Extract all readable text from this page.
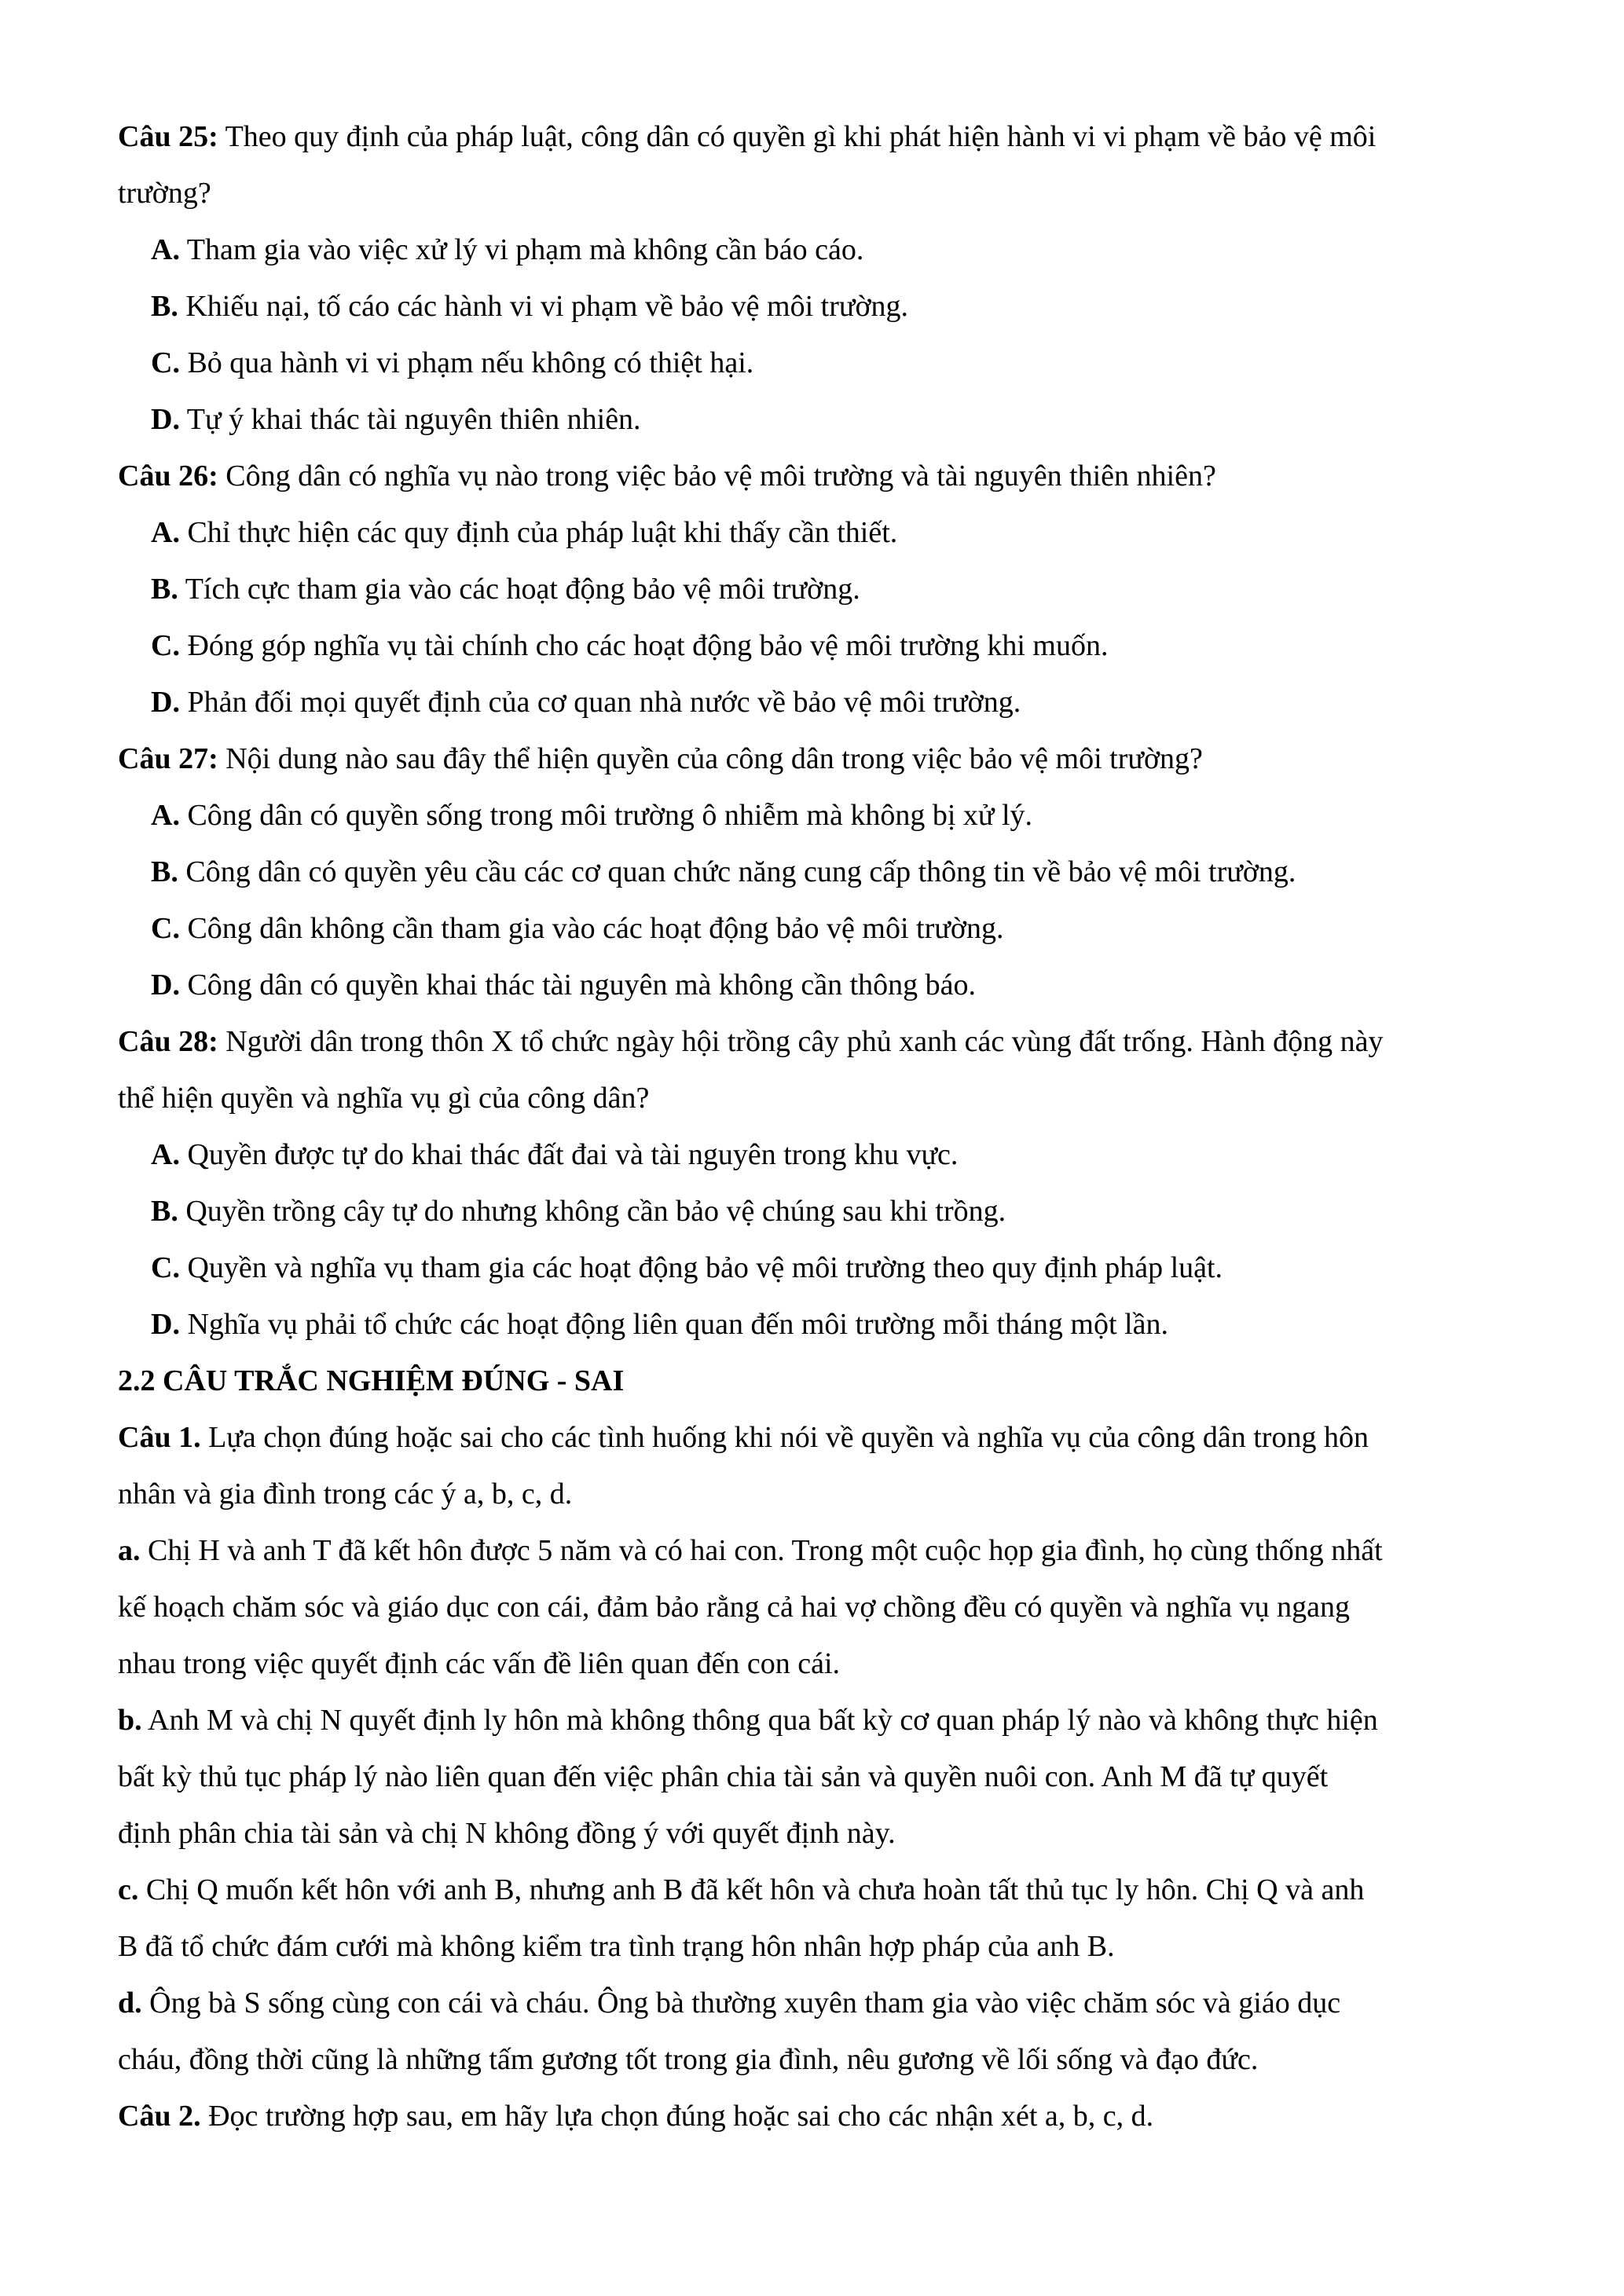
Câu 25: Theo quy định của pháp luật, công dân có quyền gì khi phát hiện hành vi vi phạm về bảo vệ môi
trường?
A. Tham gia vào việc xử lý vi phạm mà không cần báo cáo.
B. Khiếu nại, tố cáo các hành vi vi phạm về bảo vệ môi trường.
C. Bỏ qua hành vi vi phạm nếu không có thiệt hại.
D. Tự ý khai thác tài nguyên thiên nhiên.
Câu 26: Công dân có nghĩa vụ nào trong việc bảo vệ môi trường và tài nguyên thiên nhiên?
A. Chỉ thực hiện các quy định của pháp luật khi thấy cần thiết.
B. Tích cực tham gia vào các hoạt động bảo vệ môi trường.
C. Đóng góp nghĩa vụ tài chính cho các hoạt động bảo vệ môi trường khi muốn.
D. Phản đối mọi quyết định của cơ quan nhà nước về bảo vệ môi trường.
Câu 27: Nội dung nào sau đây thể hiện quyền của công dân trong việc bảo vệ môi trường?
A. Công dân có quyền sống trong môi trường ô nhiễm mà không bị xử lý.
B. Công dân có quyền yêu cầu các cơ quan chức năng cung cấp thông tin về bảo vệ môi trường.
C. Công dân không cần tham gia vào các hoạt động bảo vệ môi trường.
D. Công dân có quyền khai thác tài nguyên mà không cần thông báo.
Câu 28: Người dân trong thôn X tổ chức ngày hội trồng cây phủ xanh các vùng đất trống. Hành động này
thể hiện quyền và nghĩa vụ gì của công dân?
A. Quyền được tự do khai thác đất đai và tài nguyên trong khu vực.
B. Quyền trồng cây tự do nhưng không cần bảo vệ chúng sau khi trồng.
C. Quyền và nghĩa vụ tham gia các hoạt động bảo vệ môi trường theo quy định pháp luật.
D. Nghĩa vụ phải tổ chức các hoạt động liên quan đến môi trường mỗi tháng một lần.
2.2 CÂU TRẮC NGHIỆM ĐÚNG - SAI
Câu 1. Lựa chọn đúng hoặc sai cho các tình huống khi nói về quyền và nghĩa vụ của công dân trong hôn
nhân và gia đình trong các ý a, b, c, d.
a. Chị H và anh T đã kết hôn được 5 năm và có hai con. Trong một cuộc họp gia đình, họ cùng thống nhất
kế hoạch chăm sóc và giáo dục con cái, đảm bảo rằng cả hai vợ chồng đều có quyền và nghĩa vụ ngang
nhau trong việc quyết định các vấn đề liên quan đến con cái.
b. Anh M và chị N quyết định ly hôn mà không thông qua bất kỳ cơ quan pháp lý nào và không thực hiện
bất kỳ thủ tục pháp lý nào liên quan đến việc phân chia tài sản và quyền nuôi con. Anh M đã tự quyết
định phân chia tài sản và chị N không đồng ý với quyết định này.
c. Chị Q muốn kết hôn với anh B, nhưng anh B đã kết hôn và chưa hoàn tất thủ tục ly hôn. Chị Q và anh
B đã tổ chức đám cưới mà không kiểm tra tình trạng hôn nhân hợp pháp của anh B.
d. Ông bà S sống cùng con cái và cháu. Ông bà thường xuyên tham gia vào việc chăm sóc và giáo dục
cháu, đồng thời cũng là những tấm gương tốt trong gia đình, nêu gương về lối sống và đạo đức.
Câu 2. Đọc trường hợp sau, em hãy lựa chọn đúng hoặc sai cho các nhận xét a, b, c, d.
